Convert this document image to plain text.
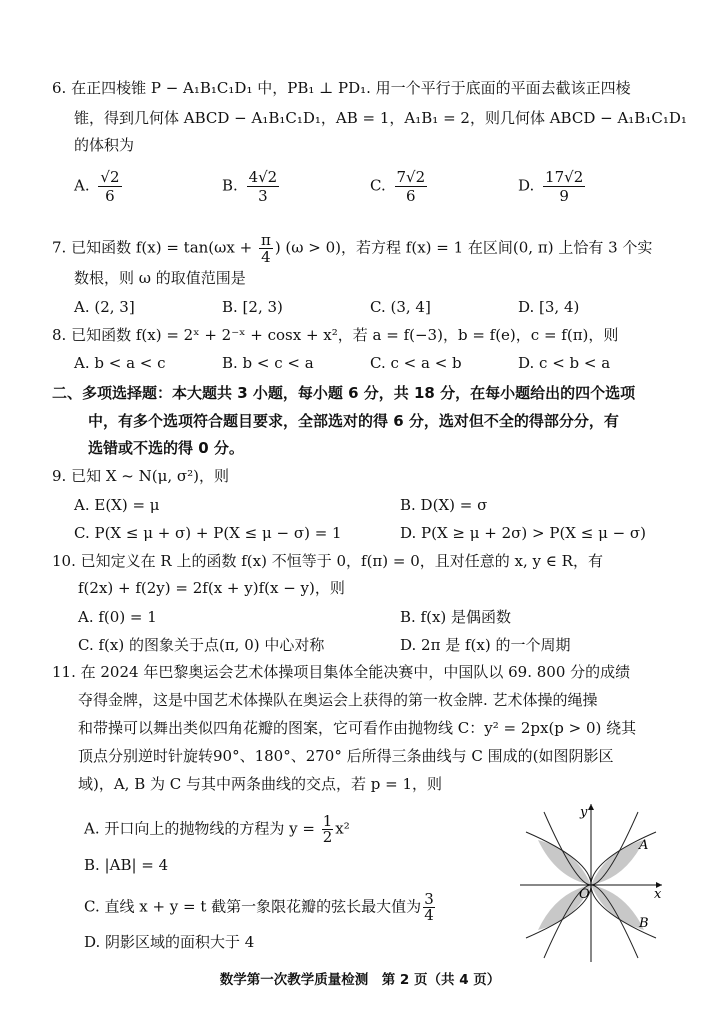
6. 在正四棱锥 P − A₁B₁C₁D₁ 中，PB₁ ⊥ PD₁. 用一个平行于底面的平面去截该正四棱
锥，得到几何体 ABCD − A₁B₁C₁D₁，AB = 1，A₁B₁ = 2，则几何体 ABCD − A₁B₁C₁D₁
的体积为
A. $\frac{√2}{6}$	B. $\frac{4√2}{3}$	C. $\frac{7√2}{6}$	D. $\frac{17√2}{9}$
7. 已知函数 $f(x) = \tan(\omega x + \frac{\pi}{4}$ ) (ω > 0)，若方程 f(x) = 1 在区间(0, π) 上恰有 3 个实
数根，则 ω 的取值范围是
A. (2, 3]	B. [2, 3)	C. (3, 4]	D. [3, 4)
8. 已知函数 f(x) = 2ˣ + 2⁻ˣ + cosx + x²，若 a = f(−3)，b = f(e)，c = f(π)，则
A. b < a < c	B. b < c < a	C. c < a < b	D. c < b < a
二、多项选择题：本大题共 3 小题，每小题 6 分，共 18 分，在每小题给出的四个选项
中，有多个选项符合题目要求，全部选对的得 6 分，选对但不全的得部分分，有
选错或不选的得 0 分。
9. 已知 X ~ N(μ, σ²)，则
A. E(X) = μ	B. D(X) = σ
C. P(X ≤ μ + σ) + P(X ≤ μ − σ) = 1	D. P(X ≥ μ + 2σ) > P(X ≤ μ − σ)
10. 已知定义在 R 上的函数 f(x) 不恒等于 0，f(π) = 0，且对任意的 x, y ∈ R，有
f(2x) + f(2y) = 2f(x + y)f(x − y)，则
A. f(0) = 1	B. f(x) 是偶函数
C. f(x) 的图象关于点(π, 0) 中心对称	D. 2π 是 f(x) 的一个周期
11. 在 2024 年巴黎奥运会艺术体操项目集体全能决赛中，中国队以 69. 800 分的成绩
夺得金牌，这是中国艺术体操队在奥运会上获得的第一枚金牌. 艺术体操的绳操
和带操可以舞出类似四角花瓣的图案，它可看作由抛物线 C：y² = 2px(p > 0) 绕其
顶点分别逆时针旋转90°、180°、270° 后所得三条曲线与 C 围成的(如图阴影区
域)，A, B 为 C 与其中两条曲线的交点，若 p = 1，则
A. 开口向上的抛物线的方程为 $y = \frac{1}{2} x^2$
B. |AB| = 4
C. 直线 x + y = t 截第一象限花瓣的弦长最大值为 $\frac{3}{4}$
D. 阴影区域的面积大于 4
y
x
O
A
B
数学第一次教学质量检测　第 2 页（共 4 页）
